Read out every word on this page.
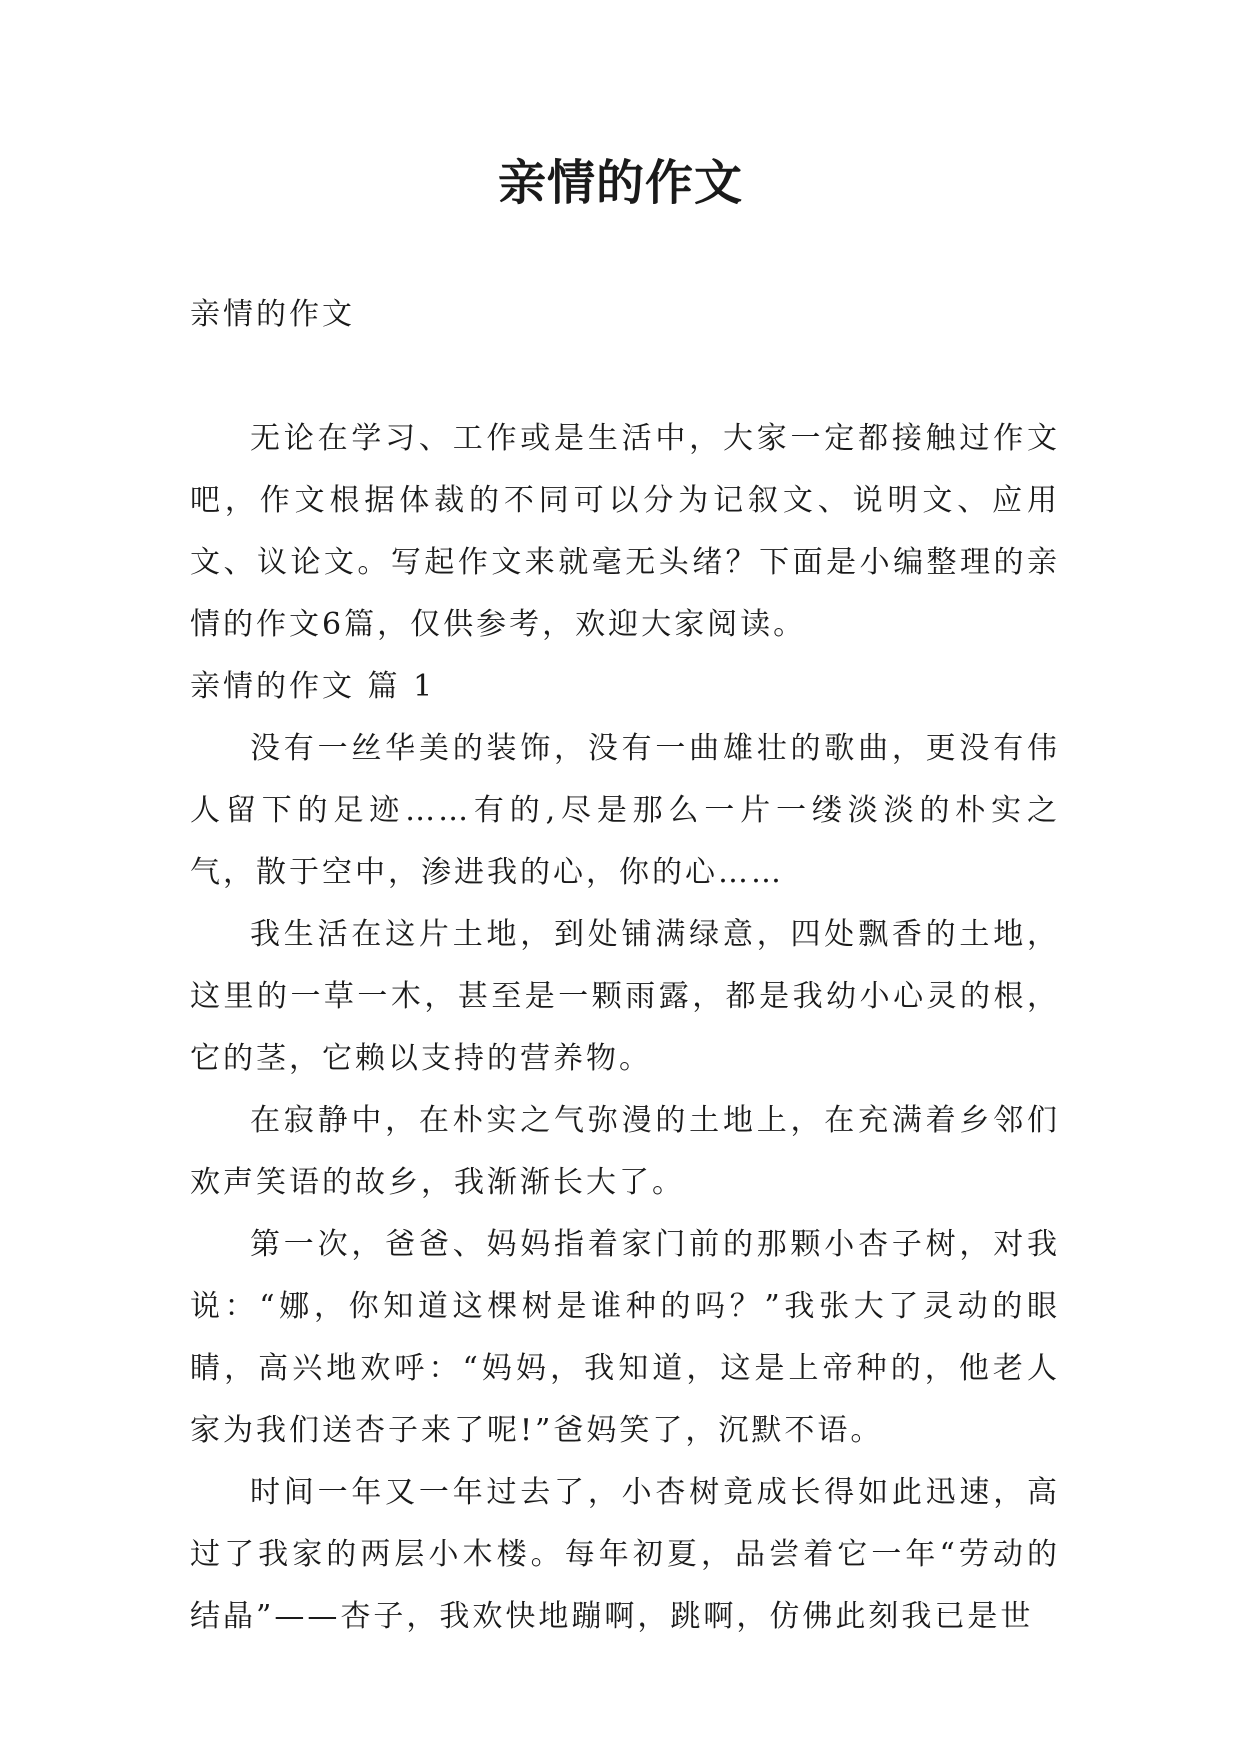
亲情的作文

亲情的作文

无论在学习、工作或是生活中，大家一定都接触过作文吧，作文根据体裁的不同可以分为记叙文、说明文、应用文、议论文。写起作文来就毫无头绪？下面是小编整理的亲情的作文6篇，仅供参考，欢迎大家阅读。

亲情的作文 篇 1

没有一丝华美的装饰，没有一曲雄壮的歌曲，更没有伟人留下的足迹……有的,尽是那么一片一缕淡淡的朴实之气，散于空中，渗进我的心，你的心……

我生活在这片土地，到处铺满绿意，四处飘香的土地，这里的一草一木，甚至是一颗雨露，都是我幼小心灵的根，它的茎，它赖以支持的营养物。

在寂静中，在朴实之气弥漫的土地上，在充满着乡邻们欢声笑语的故乡，我渐渐长大了。

第一次，爸爸、妈妈指着家门前的那颗小杏子树，对我说：“娜，你知道这棵树是谁种的吗？”我张大了灵动的眼睛，高兴地欢呼：“妈妈，我知道，这是上帝种的，他老人家为我们送杏子来了呢!”爸妈笑了，沉默不语。

时间一年又一年过去了，小杏树竟成长得如此迅速，高过了我家的两层小木楼。每年初夏，品尝着它一年“劳动的结晶”——杏子，我欢快地蹦啊，跳啊，仿佛此刻我已是世
